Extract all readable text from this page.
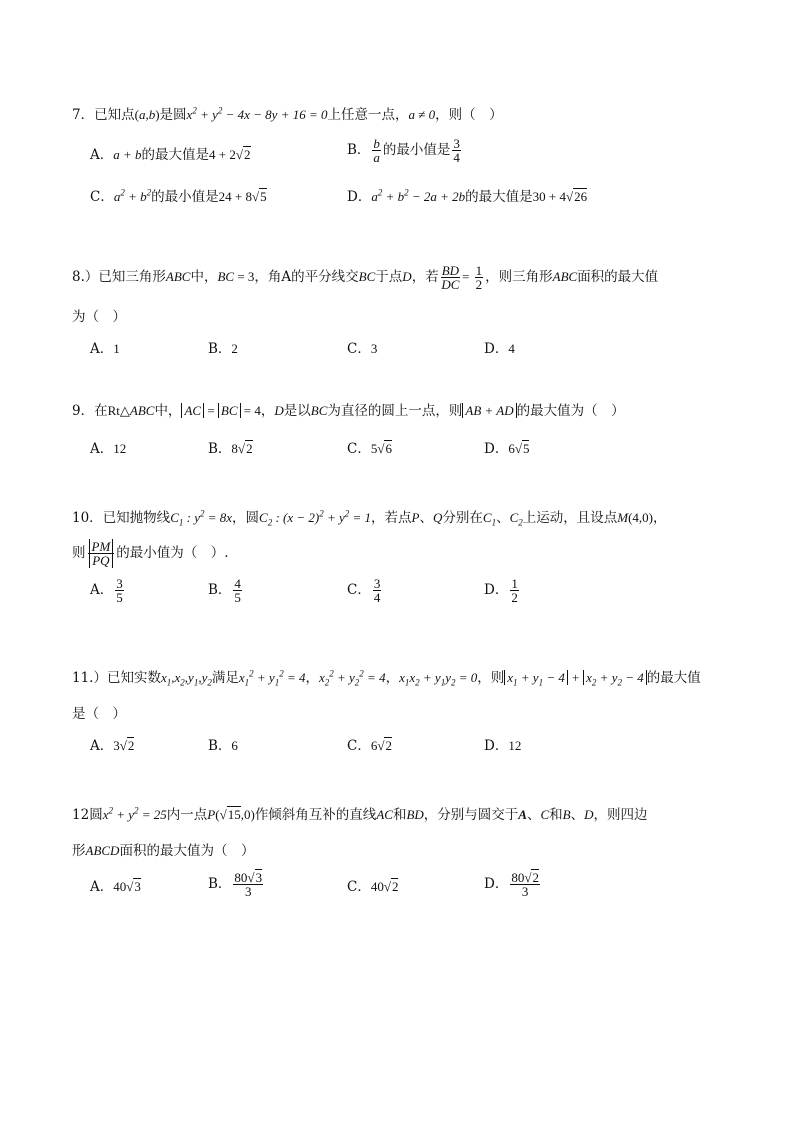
7．已知点(a,b)是圆$x^2 + y^2 - 4x - 8y + 16 = 0$上任意一点，a ≠ 0，则（　）
A．a + b的最大值是4 + 2√2	B． $\frac{b}{a}$ 的最小值是 $\frac{3}{4}$
C．$a^2 + b^2$的最小值是24 + 8√5	D．$a^2 + b^2 - 2a + 2b$的最大值是30 + 4√26
8.）已知三角形ABC中，BC = 3，角A的平分线交BC于点D，若 $\frac{BD}{DC} = \frac{1}{2}$ ，则三角形ABC面积的最大值
为（　）
A．1	B．2	C．3	D．4
9．在Rt△ABC中， AC = BC = 4，D是以BC为直径的圆上一点，则 AB + AD 的最大值为（　）
A．12	B．8√2	C．5√6	D．6√5
10．已知抛物线$C_1$ : $y^2 = 8x$，圆$C_2$ : $(x - 2)^2 + y^2 = 1$，若点P、Q分别在$C_1$、$C_2$上运动，且设点M(4,0)，
则 $\frac{PM}{PQ}$ 的最小值为（　）.
A． $\frac{3}{5}$	B． $\frac{4}{5}$	C． $\frac{3}{4}$	D． $\frac{1}{2}$
11.）已知实数$x_1,x_2,y_1,y_2$满足$x_1^2 + y_1^2 = 4$，$x_2^2 + y_2^2 = 4$，$x_1x_2 + y_1y_2 = 0$，则 $x_1 + y_1 - 4 + x_2 + y_2 - 4$ 的最大值
是（　）
A．3√2	B．6	C．6√2	D．12
12圆$x^2 + y^2 = 25$内一点P(√15,0)作倾斜角互补的直线AC和BD，分别与圆交于A、C和B、D，则四边
形ABCD面积的最大值为（　）
A．40√3	B． $\frac{80√3}{3}$	C．40√2	D． $\frac{80√2}{3}$
